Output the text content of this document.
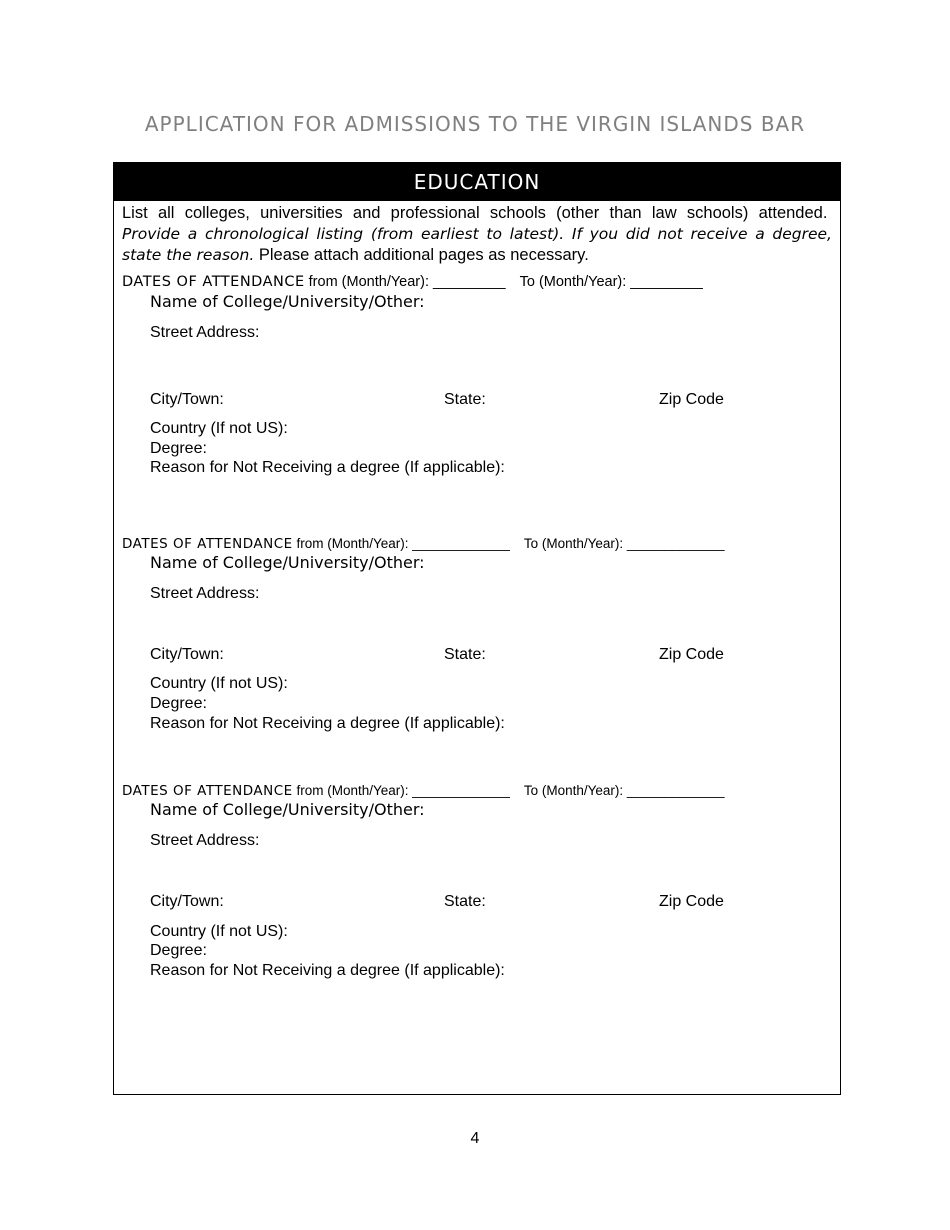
APPLICATION FOR ADMISSIONS TO THE VIRGIN ISLANDS BAR
EDUCATION
List all colleges, universities and professional schools (other than law schools) attended.  Provide a chronological listing (from earliest to latest). If you did not receive a degree, state the reason. Please attach additional pages as necessary.
DATES OF ATTENDANCE from (Month/Year): _________ To (Month/Year): _________
Name of College/University/Other:
Street Address:
City/Town:	State:	Zip Code
Country (If not US):
Degree:
Reason for Not Receiving a degree (If applicable):
DATES OF ATTENDANCE from (Month/Year): _____________ To (Month/Year): _____________
Name of College/University/Other:
Street Address:
City/Town:	State:	Zip Code
Country (If not US):
Degree:
Reason for Not Receiving a degree (If applicable):
DATES OF ATTENDANCE from (Month/Year): _____________ To (Month/Year): _____________
Name of College/University/Other:
Street Address:
City/Town:	State:	Zip Code
Country (If not US):
Degree:
Reason for Not Receiving a degree (If applicable):
4
